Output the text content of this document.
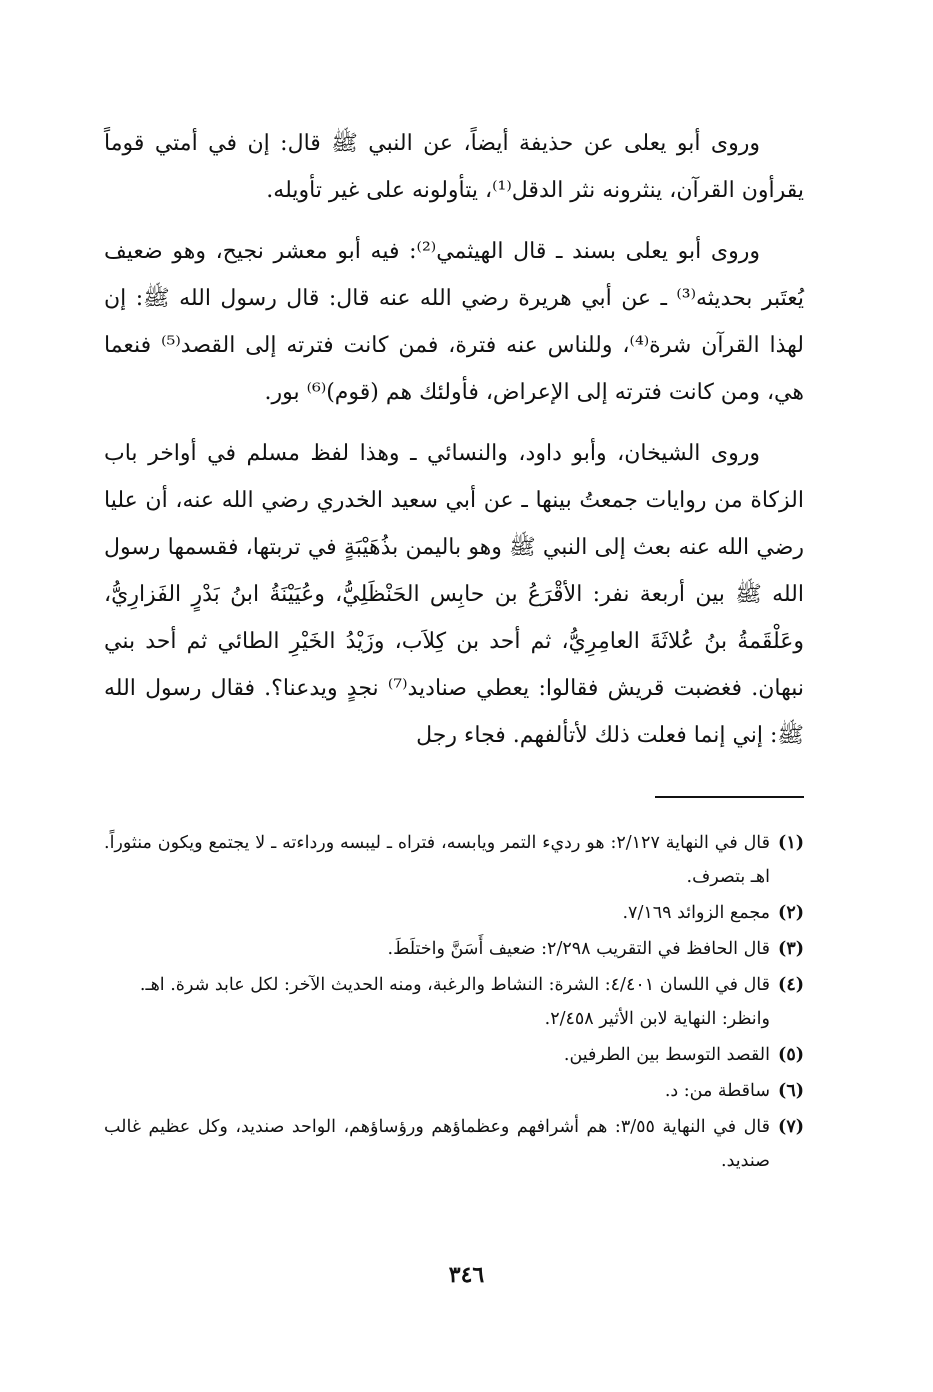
وروى أبو يعلى عن حذيفة أيضاً، عن النبي ﷺ قال: إن في أمتي قوماً يقرأون القرآن، ينثرونه نثر الدقل⁽¹⁾، يتأولونه على غير تأويله.

وروى أبو يعلى بسند ـ قال الهيثمي⁽²⁾: فيه أبو معشر نجيح، وهو ضعيف يُعتَبر بحديثه⁽³⁾ ـ عن أبي هريرة رضي الله عنه قال: قال رسول الله ﷺ: إن لهذا القرآن شرة⁽⁴⁾، وللناس عنه فترة، فمن كانت فترته إلى القصد⁽⁵⁾ فنعما هي، ومن كانت فترته إلى الإعراض، فأولئك هم (قوم)⁽⁶⁾ بور.

وروى الشيخان، وأبو داود، والنسائي ـ وهذا لفظ مسلم في أواخر باب الزكاة من روايات جمعتُ بينها ـ عن أبي سعيد الخدري رضي الله عنه، أن عليا رضي الله عنه بعث إلى النبي ﷺ وهو باليمن بذُهَيْبَةٍ في تربتها، فقسمها رسول الله ﷺ بين أربعة نفر: الأقْرَعُ بن حابِس الحَنْظَلِيُّ، وعُيَيْنَةُ ابنُ بَدْرٍ الفَزارِيُّ، وعَلْقَمةُ بنُ عُلاثَةَ العامِرِيُّ، ثم أحد بن كِلاَب، وزَيْدُ الخَيْرِ الطائي ثم أحد بني نبهان. فغضبت قريش فقالوا: يعطي صناديد⁽⁷⁾ نجدٍ ويدعنا؟. فقال رسول الله ﷺ: إني إنما فعلت ذلك لأتألفهم. فجاء رجل

(١)
قال في النهاية ٢/١٢٧: هو رديء التمر ويابسه، فتراه ـ ليبسه ورداءته ـ لا يجتمع ويكون منثوراً. اهـ بتصرف.
(٢)
مجمع الزوائد ٧/١٦٩.
(٣)
قال الحافظ في التقريب ٢/٢٩٨: ضعيف أَسَنَّ واختلَطَ.
(٤)
قال في اللسان ٤/٤٠١: الشرة: النشاط والرغبة، ومنه الحديث الآخر: لكل عابد شرة. اهـ.

وانظر: النهاية لابن الأثير ٢/٤٥٨.

(٥)
القصد التوسط بين الطرفين.
(٦)
ساقطة من: د.
(٧)
قال في النهاية ٣/٥٥: هم أشرافهم وعظماؤهم ورؤساؤهم، الواحد صنديد، وكل عظيم غالب صنديد.
٣٤٦
